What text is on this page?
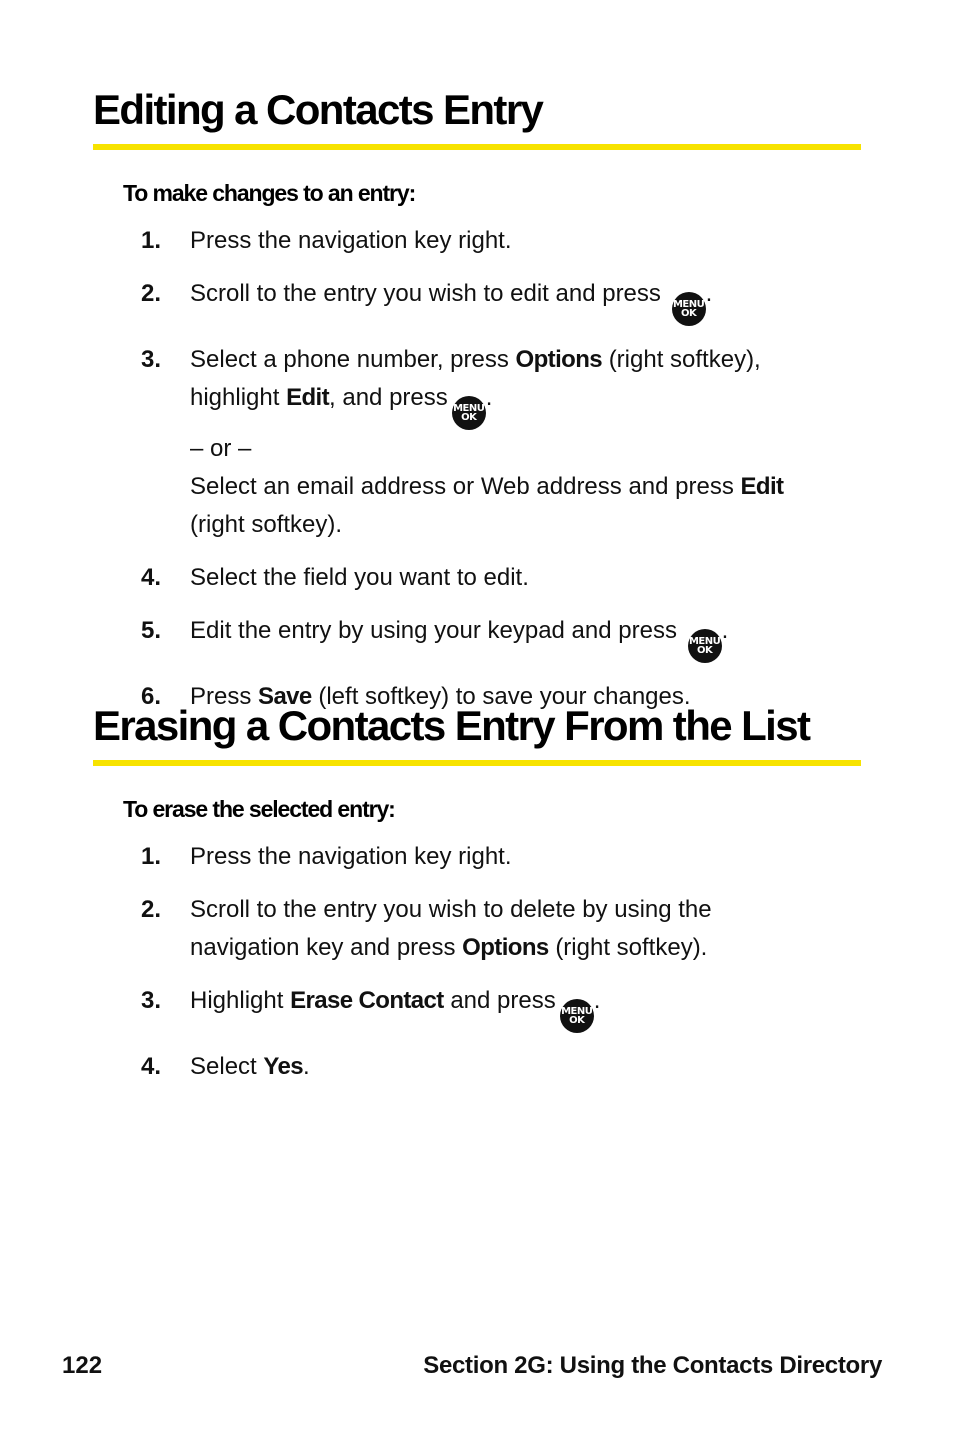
Editing a Contacts Entry
To make changes to an entry:
1. Press the navigation key right.
2. Scroll to the entry you wish to edit and press MENU
OK
.
3. Select a phone number, press Options (right softkey),
highlight Edit, and press MENU
OK
.
– or –
Select an email address or Web address and press Edit
(right softkey).
4. Select the field you want to edit.
5. Edit the entry by using your keypad and press MENU
OK
.
6. Press Save (left softkey) to save your changes.
Erasing a Contacts Entry From the List
To erase the selected entry:
1. Press the navigation key right.
2. Scroll to the entry you wish to delete by using the
navigation key and press Options (right softkey).
3. Highlight Erase Contact and press MENU
OK
.
4. Select Yes.
122	Section 2G: Using the Contacts Directory
